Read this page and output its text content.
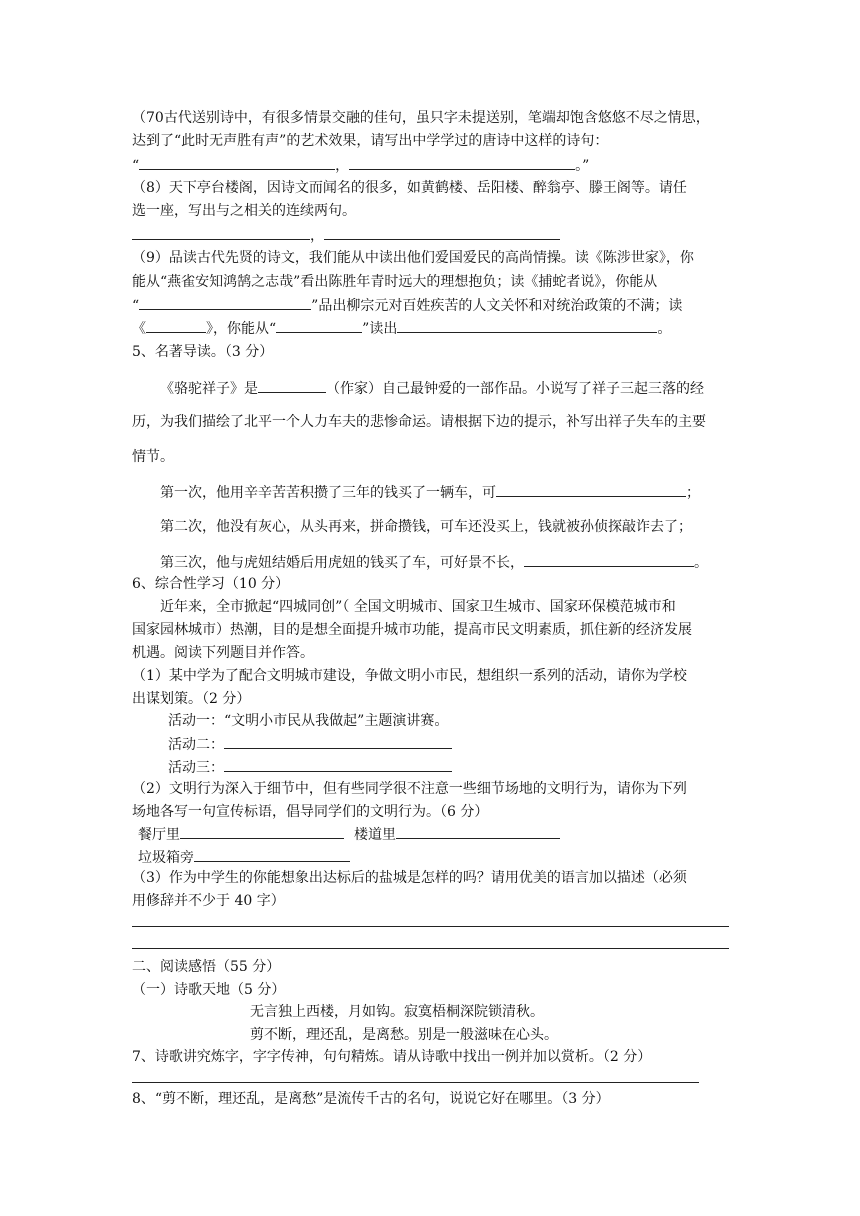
（70古代送别诗中，有很多情景交融的佳句，虽只字未提送别，笔端却饱含悠悠不尽之情思，
达到了“此时无声胜有声”的艺术效果，请写出中学学过的唐诗中这样的诗句：
“	，	。”
（8）天下亭台楼阁，因诗文而闻名的很多，如黄鹤楼、岳阳楼、醉翁亭、滕王阁等。请任
选一座，写出与之相关的连续两句。
，
（9）品读古代先贤的诗文，我们能从中读出他们爱国爱民的高尚情操。读《陈涉世家》，你
能从“燕雀安知鸿鹄之志哉”看出陈胜年青时远大的理想抱负；读《捕蛇者说》，你能从
“	”品出柳宗元对百姓疾苦的人文关怀和对统治政策的不满；读
《	》，你能从“	”读出	。
5、名著导读。（3 分）
《骆驼祥子》是	（作家）自己最钟爱的一部作品。小说写了祥子三起三落的经
历，为我们描绘了北平一个人力车夫的悲惨命运。请根据下边的提示，补写出祥子失车的主要
情节。
第一次，他用辛辛苦苦积攒了三年的钱买了一辆车，可	；
第二次，他没有灰心，从头再来，拼命攒钱，可车还没买上，钱就被孙侦探敲诈去了；
第三次，他与虎妞结婚后用虎妞的钱买了车，可好景不长，	。
6、综合性学习（10 分）
近年来，全市掀起“四城同创”（ 全国文明城市、国家卫生城市、国家环保模范城市和
国家园林城市）热潮，目的是想全面提升城市功能，提高市民文明素质，抓住新的经济发展
机遇。阅读下列题目并作答。
（1）某中学为了配合文明城市建设，争做文明小市民，想组织一系列的活动，请你为学校
出谋划策。（2 分）
活动一：“文明小市民从我做起”主题演讲赛。
活动二：
活动三：
（2）文明行为深入于细节中，但有些同学很不注意一些细节场地的文明行为，请你为下列
场地各写一句宣传标语，倡导同学们的文明行为。（6 分）
餐厅里	楼道里
垃圾箱旁
（3）作为中学生的你能想象出达标后的盐城是怎样的吗？请用优美的语言加以描述（必须
用修辞并不少于 40 字）
二、阅读感悟（55 分）
（一）诗歌天地（5 分）
无言独上西楼，月如钩。寂寞梧桐深院锁清秋。
剪不断，理还乱，是离愁。别是一般滋味在心头。
7、诗歌讲究炼字，字字传神，句句精炼。请从诗歌中找出一例并加以赏析。（2 分）
8、“剪不断，理还乱，是离愁”是流传千古的名句，说说它好在哪里。（3 分）
